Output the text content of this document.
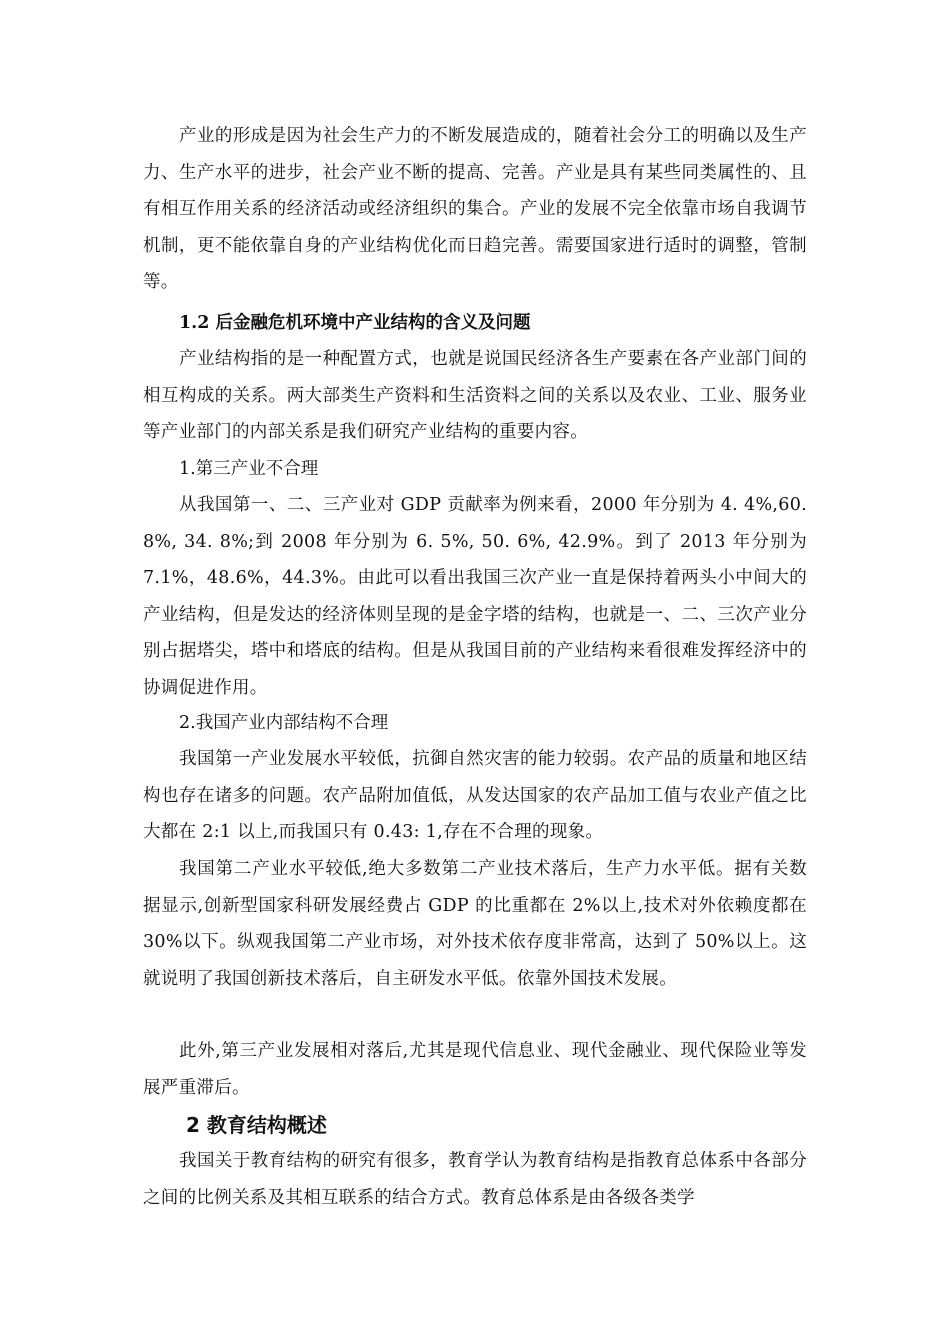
产业的形成是因为社会生产力的不断发展造成的，随着社会分工的明确以及生产力、生产水平的进步，社会产业不断的提高、完善。产业是具有某些同类属性的、且有相互作用关系的经济活动或经济组织的集合。产业的发展不完全依靠市场自我调节机制，更不能依靠自身的产业结构优化而日趋完善。需要国家进行适时的调整，管制等。

1.2 后金融危机环境中产业结构的含义及问题

产业结构指的是一种配置方式，也就是说国民经济各生产要素在各产业部门间的相互构成的关系。两大部类生产资料和生活资料之间的关系以及农业、工业、服务业等产业部门的内部关系是我们研究产业结构的重要内容。

1.第三产业不合理

从我国第一、二、三产业对 GDP 贡献率为例来看，2000 年分别为 4. 4%,60. 8%, 34. 8%;到 2008 年分别为 6. 5%, 50. 6%, 42.9%。到了 2013 年分别为 7.1%，48.6%，44.3%。由此可以看出我国三次产业一直是保持着两头小中间大的产业结构，但是发达的经济体则呈现的是金字塔的结构，也就是一、二、三次产业分别占据塔尖，塔中和塔底的结构。但是从我国目前的产业结构来看很难发挥经济中的协调促进作用。

2.我国产业内部结构不合理

我国第一产业发展水平较低，抗御自然灾害的能力较弱。农产品的质量和地区结构也存在诸多的问题。农产品附加值低，从发达国家的农产品加工值与农业产值之比大都在 2:1 以上,而我国只有 0.43: 1,存在不合理的现象。

我国第二产业水平较低,绝大多数第二产业技术落后，生产力水平低。据有关数据显示,创新型国家科研发展经费占 GDP 的比重都在 2%以上,技术对外依赖度都在 30%以下。纵观我国第二产业市场，对外技术依存度非常高，达到了 50%以上。这就说明了我国创新技术落后，自主研发水平低。依靠外国技术发展。

此外,第三产业发展相对落后,尤其是现代信息业、现代金融业、现代保险业等发展严重滞后。

2 教育结构概述

我国关于教育结构的研究有很多，教育学认为教育结构是指教育总体系中各部分之间的比例关系及其相互联系的结合方式。教育总体系是由各级各类学
